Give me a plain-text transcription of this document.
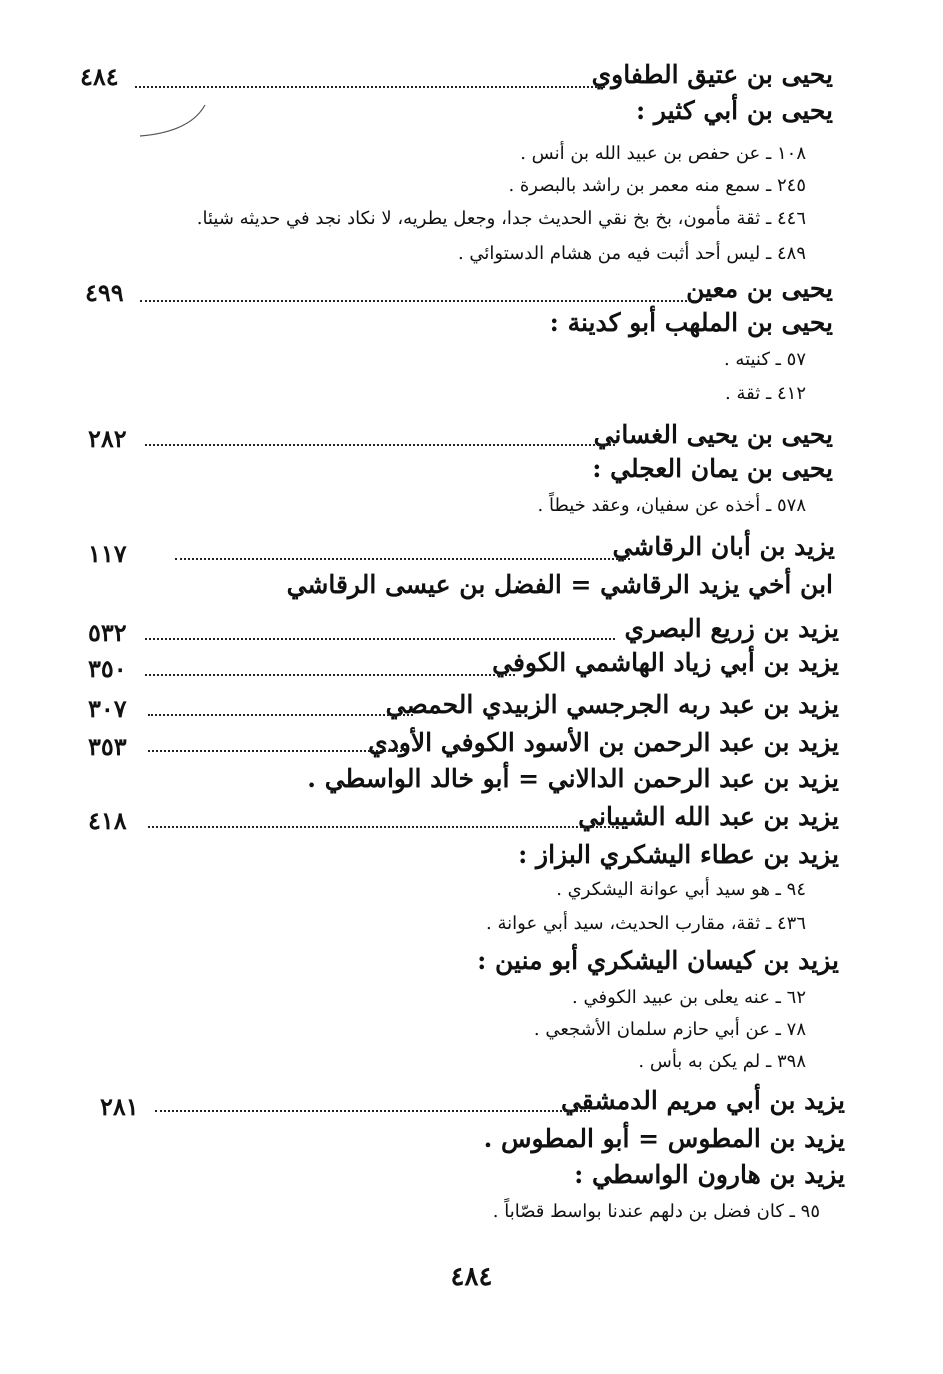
يحيى بن عتيق الطفاوي
٤٨٤
يحيى بن أبي كثير :
١٠٨ ـ عن حفص بن عبيد الله بن أنس .
٢٤٥ ـ سمع منه معمر بن راشد بالبصرة .
٤٤٦ ـ ثقة مأمون، بخ بخ نقي الحديث جدا، وجعل يطريه، لا نكاد نجد في حديثه شيئا.
٤٨٩ ـ ليس أحد أثبت فيه من هشام الدستوائي .
يحيى بن معين
٤٩٩
يحيى بن الملهب أبو كدينة :
٥٧ ـ كنيته .
٤١٢ ـ ثقة .
يحيى بن يحيى الغساني
٢٨٢
يحيى بن يمان العجلي :
٥٧٨ ـ أخذه عن سفيان، وعقد خيطاً .
يزيد بن أبان الرقاشي
١١٧
ابن أخي يزيد الرقاشي = الفضل بن عيسى الرقاشي
يزيد بن زريع البصري
٥٣٢
يزيد بن أبي زياد الهاشمي الكوفي
٣٥٠
يزيد بن عبد ربه الجرجسي الزبيدي الحمصي
٣٠٧
يزيد بن عبد الرحمن بن الأسود الكوفي الأودي
٣٥٣
يزيد بن عبد الرحمن الدالاني = أبو خالد الواسطي .
يزيد بن عبد الله الشيباني
٤١٨
يزيد بن عطاء اليشكري البزاز :
٩٤ ـ هو سيد أبي عوانة اليشكري .
٤٣٦ ـ ثقة، مقارب الحديث، سيد أبي عوانة .
يزيد بن كيسان اليشكري أبو منين :
٦٢ ـ عنه يعلى بن عبيد الكوفي .
٧٨ ـ عن أبي حازم سلمان الأشجعي .
٣٩٨ ـ لم يكن به بأس .
يزيد بن أبي مريم الدمشقي
٢٨١
يزيد بن المطوس = أبو المطوس .
يزيد بن هارون الواسطي :
٩٥ ـ كان فضل بن دلهم عندنا بواسط قصّاباً .
٤٨٤
